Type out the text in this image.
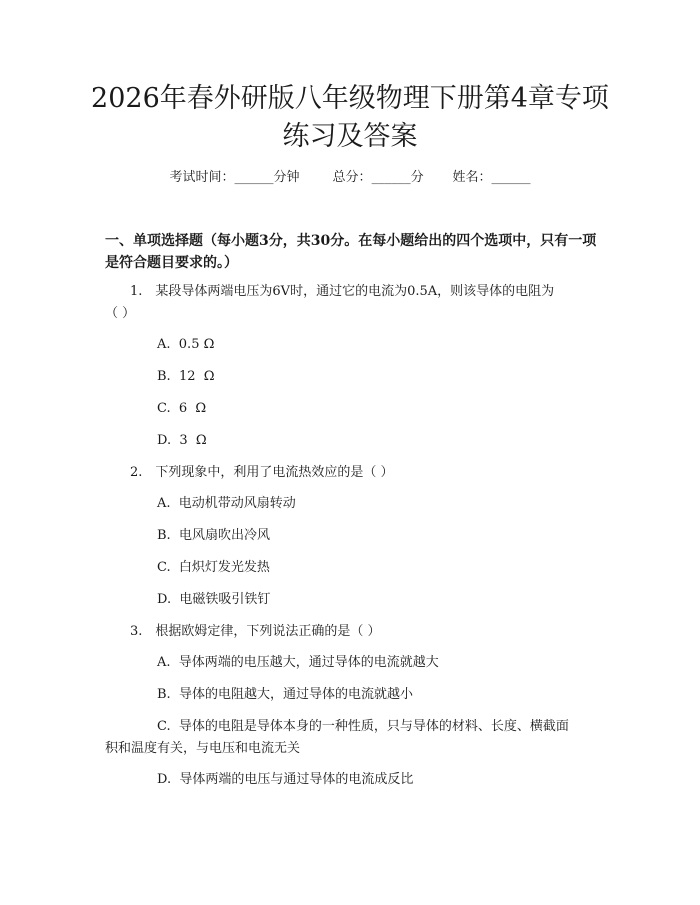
2026年春外研版八年级物理下册第4章专项
练习及答案
考试时间：______分钟	总分：______分 姓名：______
一、单项选择题（每小题3分，共30分。在每小题给出的四个选项中，只有一项
是符合题目要求的。）
1.　某段导体两端电压为6V时，通过它的电流为0.5A，则该导体的电阻为
（ ）
A.  0.5 Ω
B.  12  Ω
C.  6  Ω
D.  3  Ω
2.　下列现象中，利用了电流热效应的是（ ）
A.  电动机带动风扇转动
B.  电风扇吹出冷风
C.  白炽灯发光发热
D.  电磁铁吸引铁钉
3.　根据欧姆定律，下列说法正确的是（ ）
A.  导体两端的电压越大，通过导体的电流就越大
B.  导体的电阻越大，通过导体的电流就越小
C.  导体的电阻是导体本身的一种性质，只与导体的材料、长度、横截面
积和温度有关，与电压和电流无关
D.  导体两端的电压与通过导体的电流成反比
